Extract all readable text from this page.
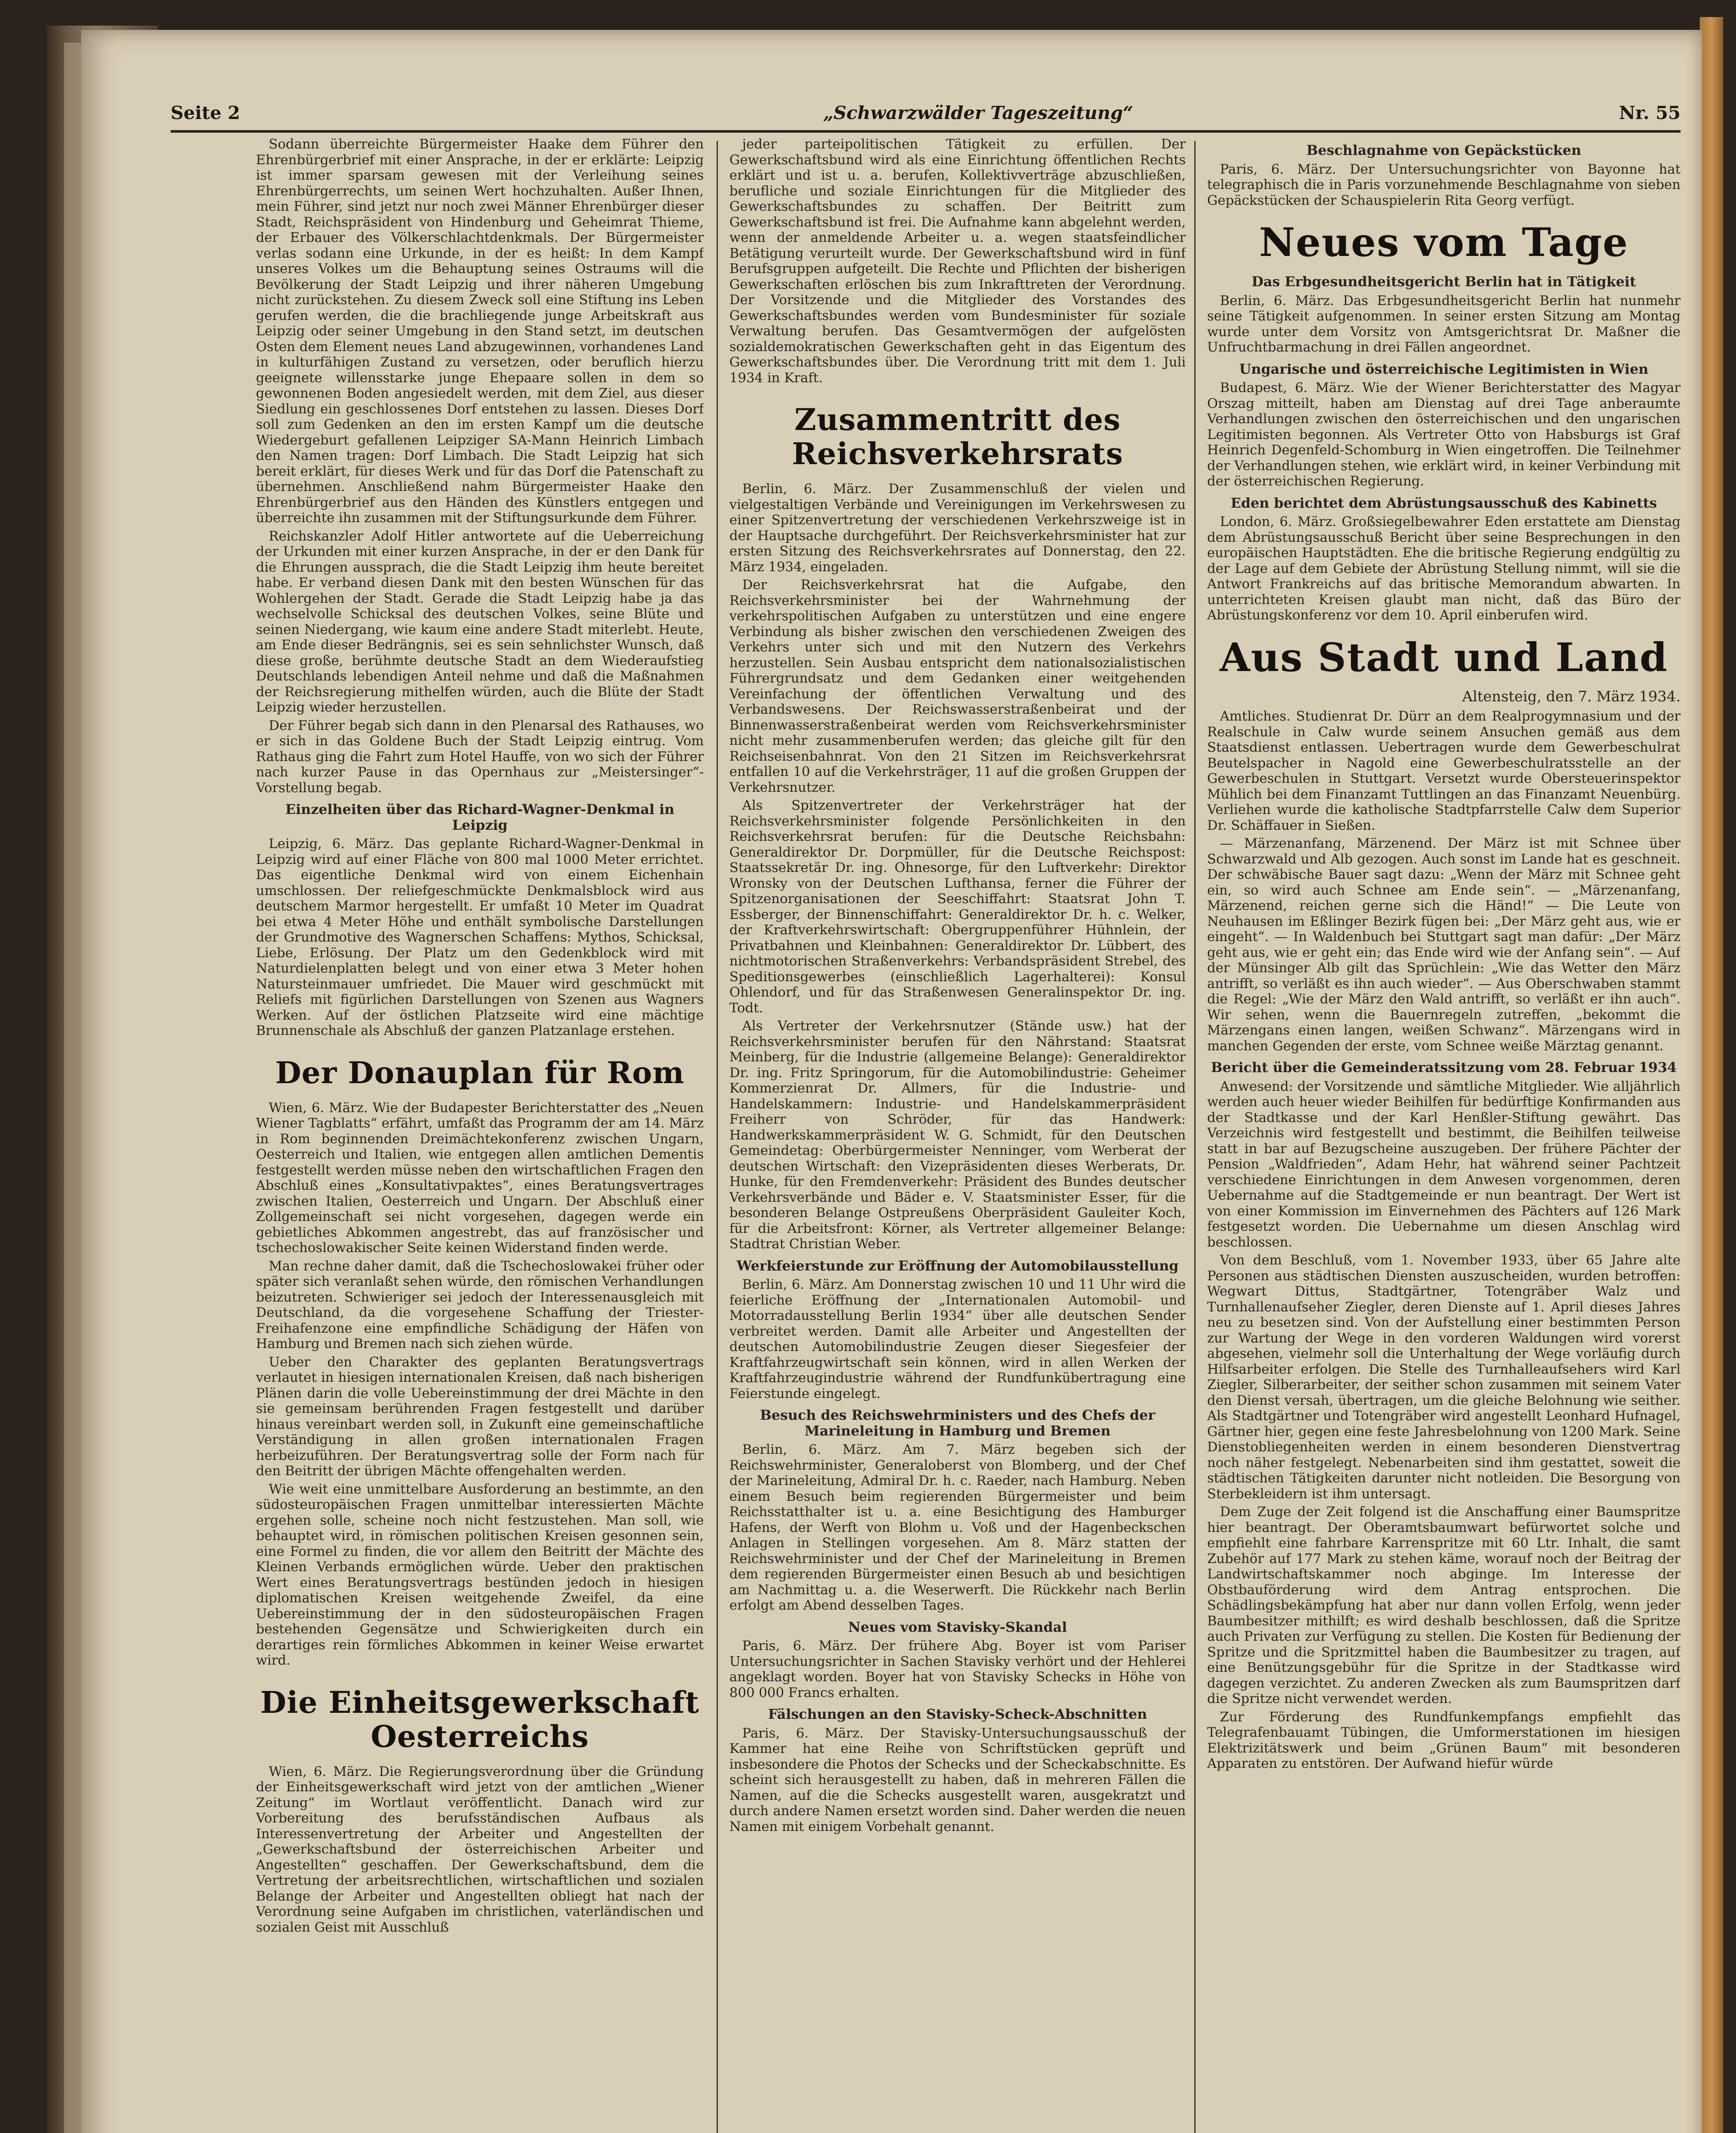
Seite 2	„Schwarzwälder Tageszeitung“	Nr. 55

Sodann überreichte Bürgermeister Haake dem Führer den Ehrenbürgerbrief mit einer Ansprache, in der er erklärte: Leipzig ist immer sparsam gewesen mit der Verleihung seines Ehrenbürgerrechts, um seinen Wert hochzuhalten. Außer Ihnen, mein Führer, sind jetzt nur noch zwei Männer Ehrenbürger dieser Stadt, Reichspräsident von Hindenburg und Geheimrat Thieme, der Erbauer des Völkerschlachtdenkmals. Der Bürgermeister verlas sodann eine Urkunde, in der es heißt: In dem Kampf unseres Volkes um die Behauptung seines Ostraums will die Bevölkerung der Stadt Leipzig und ihrer näheren Umgebung nicht zurückstehen. Zu diesem Zweck soll eine Stiftung ins Leben gerufen werden, die die brachliegende junge Arbeitskraft aus Leipzig oder seiner Umgebung in den Stand setzt, im deutschen Osten dem Element neues Land abzugewinnen, vorhandenes Land in kulturfähigen Zustand zu versetzen, oder beruflich hierzu geeignete willensstarke junge Ehepaare sollen in dem so gewonnenen Boden angesiedelt werden, mit dem Ziel, aus dieser Siedlung ein geschlossenes Dorf entstehen zu lassen. Dieses Dorf soll zum Gedenken an den im ersten Kampf um die deutsche Wiedergeburt gefallenen Leipziger SA-Mann Heinrich Limbach den Namen tragen: Dorf Limbach. Die Stadt Leipzig hat sich bereit erklärt, für dieses Werk und für das Dorf die Patenschaft zu übernehmen. Anschließend nahm Bürgermeister Haake den Ehrenbürgerbrief aus den Händen des Künstlers entgegen und überreichte ihn zusammen mit der Stiftungsurkunde dem Führer.

Reichskanzler Adolf Hitler antwortete auf die Ueberreichung der Urkunden mit einer kurzen Ansprache, in der er den Dank für die Ehrungen aussprach, die die Stadt Leipzig ihm heute bereitet habe. Er verband diesen Dank mit den besten Wünschen für das Wohlergehen der Stadt. Gerade die Stadt Leipzig habe ja das wechselvolle Schicksal des deutschen Volkes, seine Blüte und seinen Niedergang, wie kaum eine andere Stadt miterlebt. Heute, am Ende dieser Bedrängnis, sei es sein sehnlichster Wunsch, daß diese große, berühmte deutsche Stadt an dem Wiederaufstieg Deutschlands lebendigen Anteil nehme und daß die Maßnahmen der Reichsregierung mithelfen würden, auch die Blüte der Stadt Leipzig wieder herzustellen.

Der Führer begab sich dann in den Plenarsal des Rathauses, wo er sich in das Goldene Buch der Stadt Leipzig eintrug. Vom Rathaus ging die Fahrt zum Hotel Hauffe, von wo sich der Führer nach kurzer Pause in das Opernhaus zur „Meistersinger“-Vorstellung begab.

Einzelheiten über das Richard-Wagner-Denkmal in Leipzig

Leipzig, 6. März. Das geplante Richard-Wagner-Denkmal in Leipzig wird auf einer Fläche von 800 mal 1000 Meter errichtet. Das eigentliche Denkmal wird von einem Eichenhain umschlossen. Der reliefgeschmückte Denkmalsblock wird aus deutschem Marmor hergestellt. Er umfaßt 10 Meter im Quadrat bei etwa 4 Meter Höhe und enthält symbolische Darstellungen der Grundmotive des Wagnerschen Schaffens: Mythos, Schicksal, Liebe, Erlösung. Der Platz um den Gedenkblock wird mit Naturdielenplatten belegt und von einer etwa 3 Meter hohen Natursteinmauer umfriedet. Die Mauer wird geschmückt mit Reliefs mit figürlichen Darstellungen von Szenen aus Wagners Werken. Auf der östlichen Platzseite wird eine mächtige Brunnenschale als Abschluß der ganzen Platzanlage erstehen.

Der Donauplan für Rom

Wien, 6. März. Wie der Budapester Berichterstatter des „Neuen Wiener Tagblatts“ erfährt, umfaßt das Programm der am 14. März in Rom beginnenden Dreimächtekonferenz zwischen Ungarn, Oesterreich und Italien, wie entgegen allen amtlichen Dementis festgestellt werden müsse neben den wirtschaftlichen Fragen den Abschluß eines „Konsultativpaktes“, eines Beratungsvertrages zwischen Italien, Oesterreich und Ungarn. Der Abschluß einer Zollgemeinschaft sei nicht vorgesehen, dagegen werde ein gebietliches Abkommen angestrebt, das auf französischer und tschechoslowakischer Seite keinen Widerstand finden werde.

Man rechne daher damit, daß die Tschechoslowakei früher oder später sich veranlaßt sehen würde, den römischen Verhandlungen beizutreten. Schwieriger sei jedoch der Interessenausgleich mit Deutschland, da die vorgesehene Schaffung der Triester-Freihafenzone eine empfindliche Schädigung der Häfen von Hamburg und Bremen nach sich ziehen würde.

Ueber den Charakter des geplanten Beratungsvertrags verlautet in hiesigen internationalen Kreisen, daß nach bisherigen Plänen darin die volle Uebereinstimmung der drei Mächte in den sie gemeinsam berührenden Fragen festgestellt und darüber hinaus vereinbart werden soll, in Zukunft eine gemeinschaftliche Verständigung in allen großen internationalen Fragen herbeizuführen. Der Beratungsvertrag solle der Form nach für den Beitritt der übrigen Mächte offengehalten werden.

Wie weit eine unmittelbare Ausforderung an bestimmte, an den südosteuropäischen Fragen unmittelbar interessierten Mächte ergehen solle, scheine noch nicht festzustehen. Man soll, wie behauptet wird, in römischen politischen Kreisen gesonnen sein, eine Formel zu finden, die vor allem den Beitritt der Mächte des Kleinen Verbands ermöglichen würde. Ueber den praktischen Wert eines Beratungsvertrags bestünden jedoch in hiesigen diplomatischen Kreisen weitgehende Zweifel, da eine Uebereinstimmung der in den südosteuropäischen Fragen bestehenden Gegensätze und Schwierigkeiten durch ein derartiges rein förmliches Abkommen in keiner Weise erwartet wird.

Die Einheitsgewerkschaft Oesterreichs

Wien, 6. März. Die Regierungsverordnung über die Gründung der Einheitsgewerkschaft wird jetzt von der amtlichen „Wiener Zeitung“ im Wortlaut veröffentlicht. Danach wird zur Vorbereitung des berufsständischen Aufbaus als Interessenvertretung der Arbeiter und Angestellten der „Gewerkschaftsbund der österreichischen Arbeiter und Angestellten“ geschaffen. Der Gewerkschaftsbund, dem die Vertretung der arbeitsrechtlichen, wirtschaftlichen und sozialen Belange der Arbeiter und Angestellten obliegt hat nach der Verordnung seine Aufgaben im christlichen, vaterländischen und sozialen Geist mit Ausschluß

jeder parteipolitischen Tätigkeit zu erfüllen. Der Gewerkschaftsbund wird als eine Einrichtung öffentlichen Rechts erklärt und ist u. a. berufen, Kollektivverträge abzuschließen, berufliche und soziale Einrichtungen für die Mitglieder des Gewerkschaftsbundes zu schaffen. Der Beitritt zum Gewerkschaftsbund ist frei. Die Aufnahme kann abgelehnt werden, wenn der anmeldende Arbeiter u. a. wegen staatsfeindlicher Betätigung verurteilt wurde. Der Gewerkschaftsbund wird in fünf Berufsgruppen aufgeteilt. Die Rechte und Pflichten der bisherigen Gewerkschaften erlöschen bis zum Inkrafttreten der Verordnung. Der Vorsitzende und die Mitglieder des Vorstandes des Gewerkschaftsbundes werden vom Bundesminister für soziale Verwaltung berufen. Das Gesamtvermögen der aufgelösten sozialdemokratischen Gewerkschaften geht in das Eigentum des Gewerkschaftsbundes über. Die Verordnung tritt mit dem 1. Juli 1934 in Kraft.

Zusammentritt des Reichsverkehrsrats

Berlin, 6. März. Der Zusammenschluß der vielen und vielgestaltigen Verbände und Vereinigungen im Verkehrswesen zu einer Spitzenvertretung der verschiedenen Verkehrszweige ist in der Hauptsache durchgeführt. Der Reichsverkehrsminister hat zur ersten Sitzung des Reichsverkehrsrates auf Donnerstag, den 22. März 1934, eingeladen.

Der Reichsverkehrsrat hat die Aufgabe, den Reichsverkehrsminister bei der Wahrnehmung der verkehrspolitischen Aufgaben zu unterstützen und eine engere Verbindung als bisher zwischen den verschiedenen Zweigen des Verkehrs unter sich und mit den Nutzern des Verkehrs herzustellen. Sein Ausbau entspricht dem nationalsozialistischen Führergrundsatz und dem Gedanken einer weitgehenden Vereinfachung der öffentlichen Verwaltung und des Verbandswesens. Der Reichswasserstraßenbeirat und der Binnenwasserstraßenbeirat werden vom Reichsverkehrsminister nicht mehr zusammenberufen werden; das gleiche gilt für den Reichseisenbahnrat. Von den 21 Sitzen im Reichsverkehrsrat entfallen 10 auf die Verkehrsträger, 11 auf die großen Gruppen der Verkehrsnutzer.

Als Spitzenvertreter der Verkehrsträger hat der Reichsverkehrsminister folgende Persönlichkeiten in den Reichsverkehrsrat berufen: für die Deutsche Reichsbahn: Generaldirektor Dr. Dorpmüller, für die Deutsche Reichspost: Staatssekretär Dr. ing. Ohnesorge, für den Luftverkehr: Direktor Wronsky von der Deutschen Lufthansa, ferner die Führer der Spitzenorganisationen der Seeschiffahrt: Staatsrat John T. Essberger, der Binnenschiffahrt: Generaldirektor Dr. h. c. Welker, der Kraftverkehrswirtschaft: Obergruppenführer Hühnlein, der Privatbahnen und Kleinbahnen: Generaldirektor Dr. Lübbert, des nichtmotorischen Straßenverkehrs: Verbandspräsident Strebel, des Speditionsgewerbes (einschließlich Lagerhalterei): Konsul Ohlendorf, und für das Straßenwesen Generalinspektor Dr. ing. Todt.

Als Vertreter der Verkehrsnutzer (Stände usw.) hat der Reichsverkehrsminister berufen für den Nährstand: Staatsrat Meinberg, für die Industrie (allgemeine Belange): Generaldirektor Dr. ing. Fritz Springorum, für die Automobilindustrie: Geheimer Kommerzienrat Dr. Allmers, für die Industrie- und Handelskammern: Industrie- und Handelskammerpräsident Freiherr von Schröder, für das Handwerk: Handwerkskammerpräsident W. G. Schmidt, für den Deutschen Gemeindetag: Oberbürgermeister Nenninger, vom Werberat der deutschen Wirtschaft: den Vizepräsidenten dieses Werberats, Dr. Hunke, für den Fremdenverkehr: Präsident des Bundes deutscher Verkehrsverbände und Bäder e. V. Staatsminister Esser, für die besonderen Belange Ostpreußens Oberpräsident Gauleiter Koch, für die Arbeitsfront: Körner, als Vertreter allgemeiner Belange: Stadtrat Christian Weber.

Werkfeierstunde zur Eröffnung der Automobilausstellung

Berlin, 6. März. Am Donnerstag zwischen 10 und 11 Uhr wird die feierliche Eröffnung der „Internationalen Automobil- und Motorradausstellung Berlin 1934“ über alle deutschen Sender verbreitet werden. Damit alle Arbeiter und Angestellten der deutschen Automobilindustrie Zeugen dieser Siegesfeier der Kraftfahrzeugwirtschaft sein können, wird in allen Werken der Kraftfahrzeugindustrie während der Rundfunkübertragung eine Feierstunde eingelegt.

Besuch des Reichswehrministers und des Chefs der Marineleitung in Hamburg und Bremen

Berlin, 6. März. Am 7. März begeben sich der Reichswehrminister, Generaloberst von Blomberg, und der Chef der Marineleitung, Admiral Dr. h. c. Raeder, nach Hamburg. Neben einem Besuch beim regierenden Bürgermeister und beim Reichsstatthalter ist u. a. eine Besichtigung des Hamburger Hafens, der Werft von Blohm u. Voß und der Hagenbeckschen Anlagen in Stellingen vorgesehen. Am 8. März statten der Reichswehrminister und der Chef der Marineleitung in Bremen dem regierenden Bürgermeister einen Besuch ab und besichtigen am Nachmittag u. a. die Weserwerft. Die Rückkehr nach Berlin erfolgt am Abend desselben Tages.

Neues vom Stavisky-Skandal

Paris, 6. März. Der frühere Abg. Boyer ist vom Pariser Untersuchungsrichter in Sachen Stavisky verhört und der Hehlerei angeklagt worden. Boyer hat von Stavisky Schecks in Höhe von 800 000 Francs erhalten.

Fälschungen an den Stavisky-Scheck-Abschnitten

Paris, 6. März. Der Stavisky-Untersuchungsausschuß der Kammer hat eine Reihe von Schriftstücken geprüft und insbesondere die Photos der Schecks und der Scheckabschnitte. Es scheint sich herausgestellt zu haben, daß in mehreren Fällen die Namen, auf die die Schecks ausgestellt waren, ausgekratzt und durch andere Namen ersetzt worden sind. Daher werden die neuen Namen mit einigem Vorbehalt genannt.

Beschlagnahme von Gepäckstücken

Paris, 6. März. Der Untersuchungsrichter von Bayonne hat telegraphisch die in Paris vorzunehmende Beschlagnahme von sieben Gepäckstücken der Schauspielerin Rita Georg verfügt.

Neues vom Tage
Das Erbgesundheitsgericht Berlin hat in Tätigkeit

Berlin, 6. März. Das Erbgesundheitsgericht Berlin hat nunmehr seine Tätigkeit aufgenommen. In seiner ersten Sitzung am Montag wurde unter dem Vorsitz von Amtsgerichtsrat Dr. Maßner die Unfruchtbarmachung in drei Fällen angeordnet.

Ungarische und österreichische Legitimisten in Wien

Budapest, 6. März. Wie der Wiener Berichterstatter des Magyar Orszag mitteilt, haben am Dienstag auf drei Tage anberaumte Verhandlungen zwischen den österreichischen und den ungarischen Legitimisten begonnen. Als Vertreter Otto von Habsburgs ist Graf Heinrich Degenfeld-Schomburg in Wien eingetroffen. Die Teilnehmer der Verhandlungen stehen, wie erklärt wird, in keiner Verbindung mit der österreichischen Regierung.

Eden berichtet dem Abrüstungsausschuß des Kabinetts

London, 6. März. Großsiegelbewahrer Eden erstattete am Dienstag dem Abrüstungsausschuß Bericht über seine Besprechungen in den europäischen Hauptstädten. Ehe die britische Regierung endgültig zu der Lage auf dem Gebiete der Abrüstung Stellung nimmt, will sie die Antwort Frankreichs auf das britische Memorandum abwarten. In unterrichteten Kreisen glaubt man nicht, daß das Büro der Abrüstungskonferenz vor dem 10. April einberufen wird.

Aus Stadt und Land
Altensteig, den 7. März 1934.

Amtliches. Studienrat Dr. Dürr an dem Realprogymnasium und der Realschule in Calw wurde seinem Ansuchen gemäß aus dem Staatsdienst entlassen. Uebertragen wurde dem Gewerbeschulrat Beutelspacher in Nagold eine Gewerbeschulratsstelle an der Gewerbeschulen in Stuttgart. Versetzt wurde Obersteuerinspektor Mühlich bei dem Finanzamt Tuttlingen an das Finanzamt Neuenbürg. Verliehen wurde die katholische Stadtpfarrstelle Calw dem Superior Dr. Schäffauer in Sießen.

— Märzenanfang, Märzenend. Der März ist mit Schnee über Schwarzwald und Alb gezogen. Auch sonst im Lande hat es geschneit. Der schwäbische Bauer sagt dazu: „Wenn der März mit Schnee geht ein, so wird auch Schnee am Ende sein“. — „Märzenanfang, Märzenend, reichen gerne sich die Händ!“ — Die Leute von Neuhausen im Eßlinger Bezirk fügen bei: „Der März geht aus, wie er eingeht“. — In Waldenbuch bei Stuttgart sagt man dafür: „Der März geht aus, wie er geht ein; das Ende wird wie der Anfang sein“. — Auf der Münsinger Alb gilt das Sprüchlein: „Wie das Wetter den März antrifft, so verläßt es ihn auch wieder“. — Aus Oberschwaben stammt die Regel: „Wie der März den Wald antrifft, so verläßt er ihn auch“. Wir sehen, wenn die Bauernregeln zutreffen, „bekommt die Märzengans einen langen, weißen Schwanz“. Märzengans wird in manchen Gegenden der erste, vom Schnee weiße Märztag genannt.

Bericht über die Gemeinderatssitzung vom 28. Februar 1934

Anwesend: der Vorsitzende und sämtliche Mitglieder. Wie alljährlich werden auch heuer wieder Beihilfen für bedürftige Konfirmanden aus der Stadtkasse und der Karl Henßler-Stiftung gewährt. Das Verzeichnis wird festgestellt und bestimmt, die Beihilfen teilweise statt in bar auf Bezugscheine auszugeben. Der frühere Pächter der Pension „Waldfrieden“, Adam Hehr, hat während seiner Pachtzeit verschiedene Einrichtungen in dem Anwesen vorgenommen, deren Uebernahme auf die Stadtgemeinde er nun beantragt. Der Wert ist von einer Kommission im Einvernehmen des Pächters auf 126 Mark festgesetzt worden. Die Uebernahme um diesen Anschlag wird beschlossen.

Von dem Beschluß, vom 1. November 1933, über 65 Jahre alte Personen aus städtischen Diensten auszuscheiden, wurden betroffen: Wegwart Dittus, Stadtgärtner, Totengräber Walz und Turnhallenaufseher Ziegler, deren Dienste auf 1. April dieses Jahres neu zu besetzen sind. Von der Aufstellung einer bestimmten Person zur Wartung der Wege in den vorderen Waldungen wird vorerst abgesehen, vielmehr soll die Unterhaltung der Wege vorläufig durch Hilfsarbeiter erfolgen. Die Stelle des Turnhalleaufsehers wird Karl Ziegler, Silberarbeiter, der seither schon zusammen mit seinem Vater den Dienst versah, übertragen, um die gleiche Belohnung wie seither. Als Stadtgärtner und Totengräber wird angestellt Leonhard Hufnagel, Gärtner hier, gegen eine feste Jahresbelohnung von 1200 Mark. Seine Dienstobliegenheiten werden in einem besonderen Dienstvertrag noch näher festgelegt. Nebenarbeiten sind ihm gestattet, soweit die städtischen Tätigkeiten darunter nicht notleiden. Die Besorgung von Sterbekleidern ist ihm untersagt.

Dem Zuge der Zeit folgend ist die Anschaffung einer Baumspritze hier beantragt. Der Oberamtsbaumwart befürwortet solche und empfiehlt eine fahrbare Karrenspritze mit 60 Ltr. Inhalt, die samt Zubehör auf 177 Mark zu stehen käme, worauf noch der Beitrag der Landwirtschaftskammer noch abginge. Im Interesse der Obstbauförderung wird dem Antrag entsprochen. Die Schädlingsbekämpfung hat aber nur dann vollen Erfolg, wenn jeder Baumbesitzer mithilft; es wird deshalb beschlossen, daß die Spritze auch Privaten zur Verfügung zu stellen. Die Kosten für Bedienung der Spritze und die Spritzmittel haben die Baumbesitzer zu tragen, auf eine Benützungsgebühr für die Spritze in der Stadtkasse wird dagegen verzichtet. Zu anderen Zwecken als zum Baumspritzen darf die Spritze nicht verwendet werden.

Zur Förderung des Rundfunkempfangs empfiehlt das Telegrafenbauamt Tübingen, die Umformerstationen im hiesigen Elektrizitätswerk und beim „Grünen Baum“ mit besonderen Apparaten zu entstören. Der Aufwand hiefür würde
